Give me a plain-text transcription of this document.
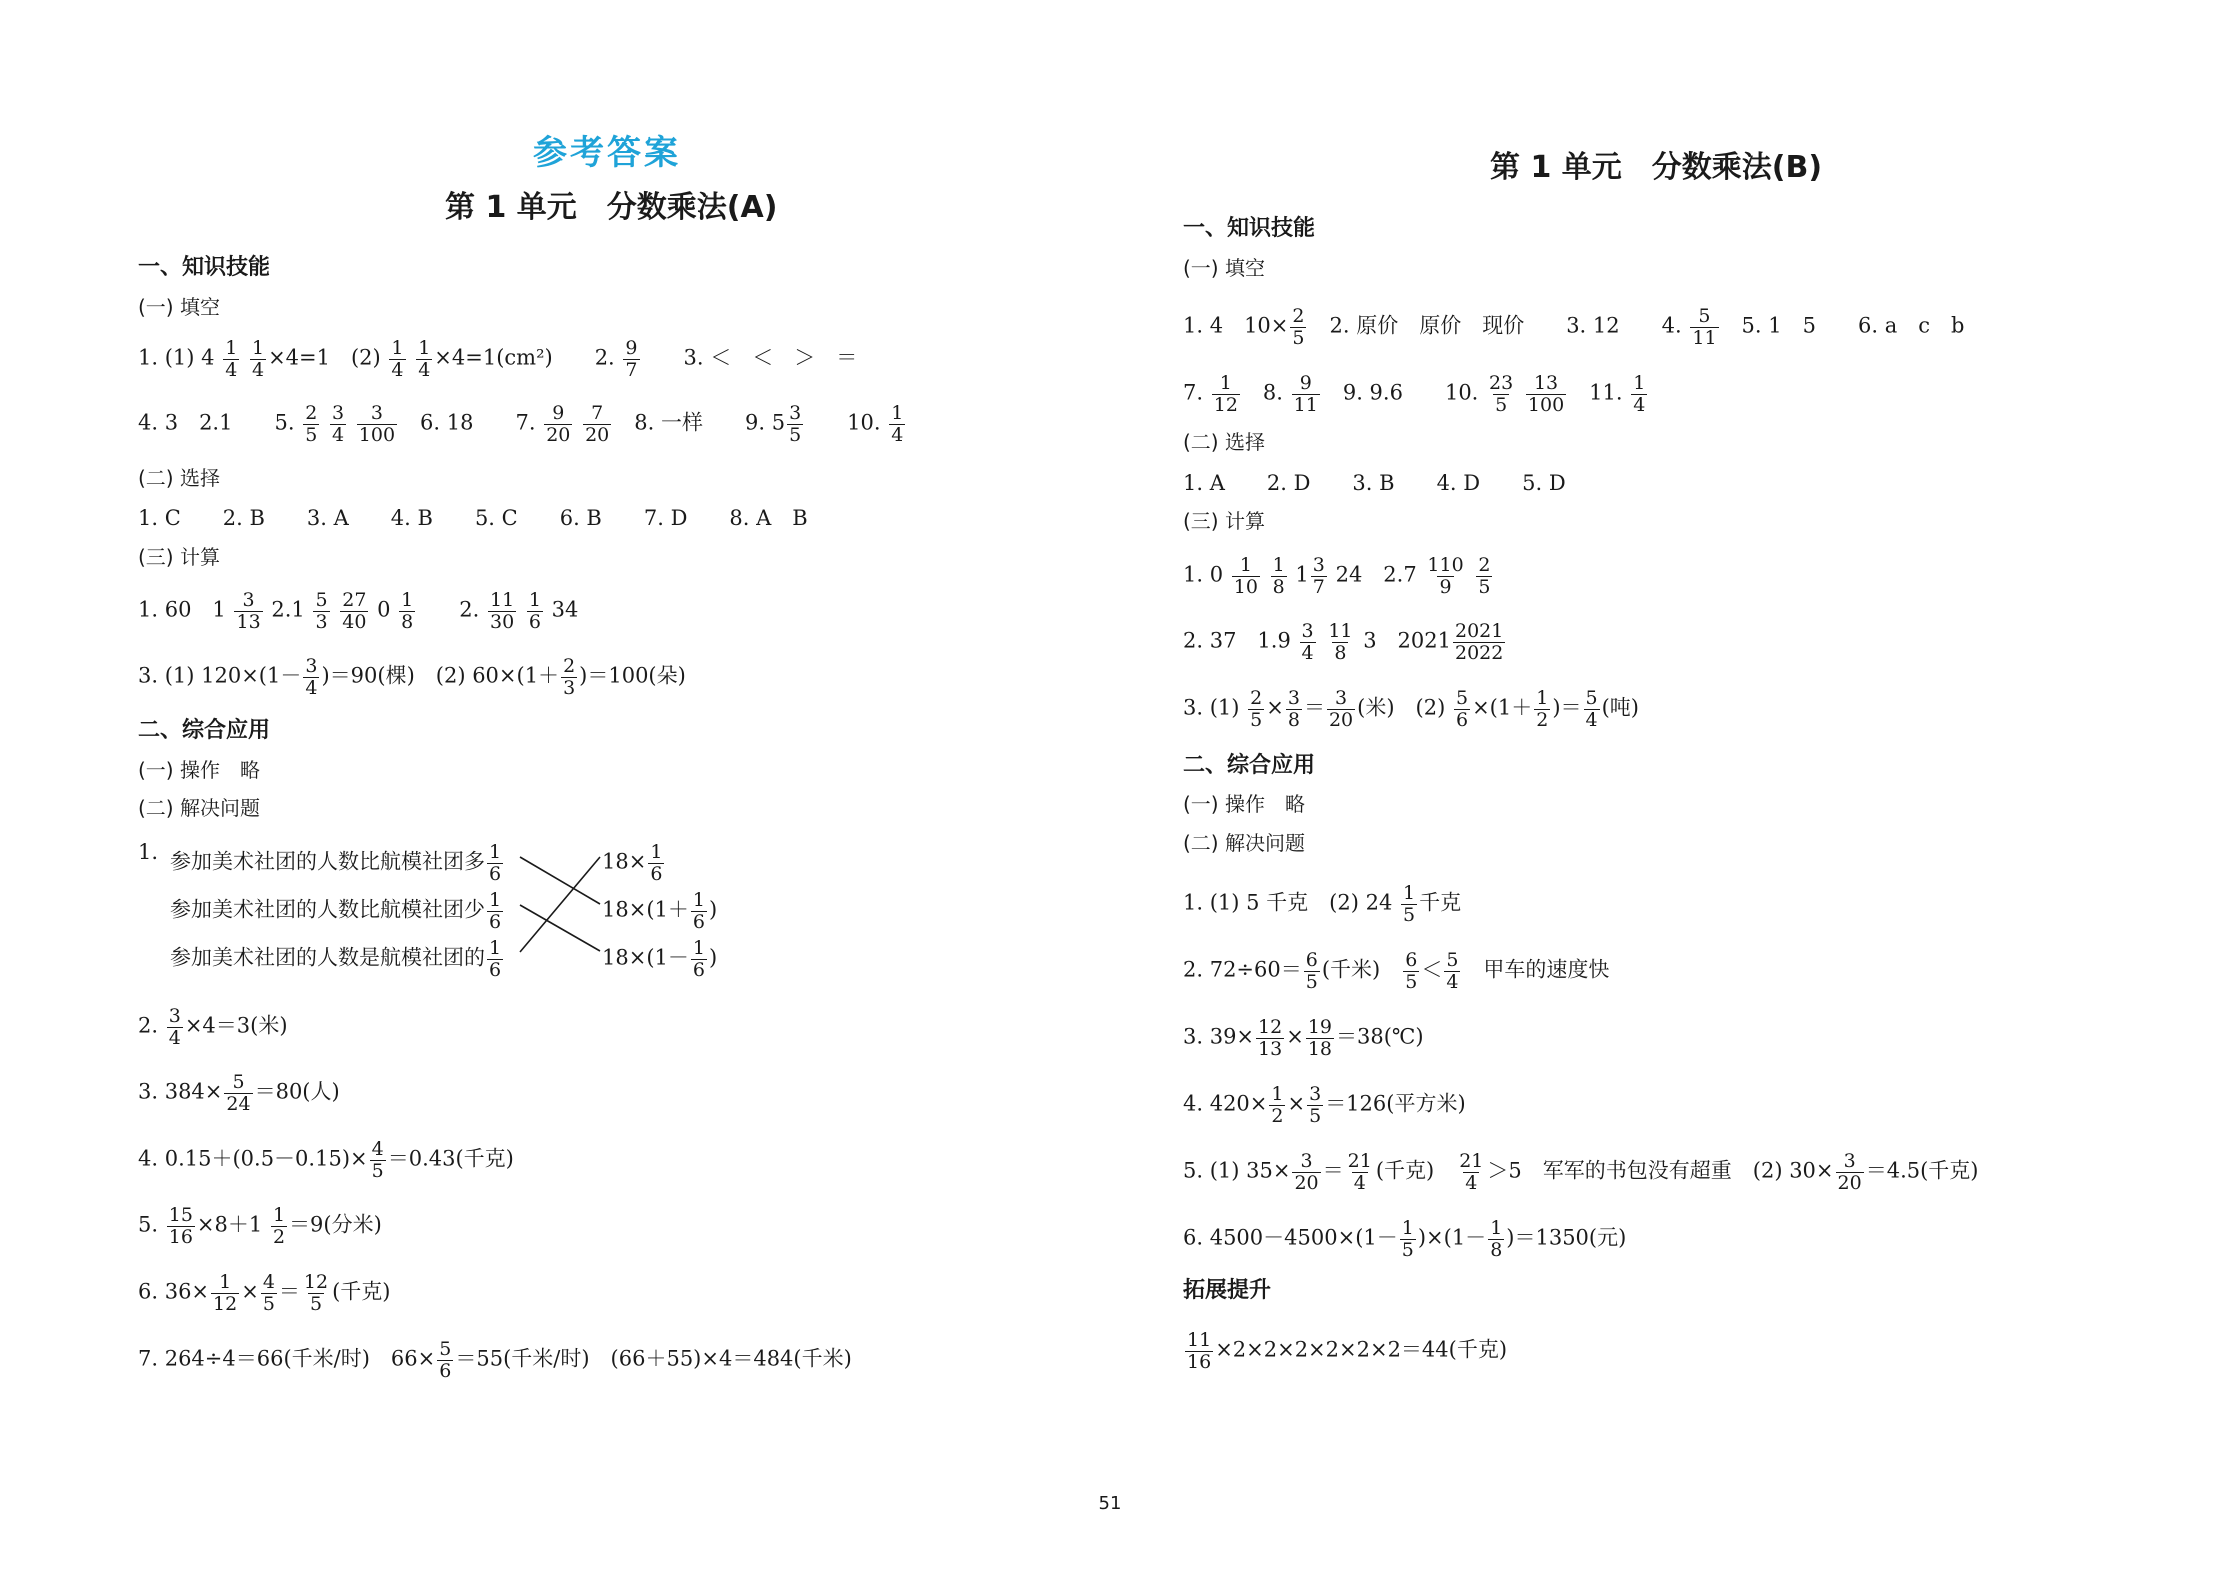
参考答案
第 1 单元　分数乘法(A)
一、知识技能
(一) 填空
1. (1) $4 \frac{1}{4}$
$\frac{1}{4} \times 4=1$　$(2) \frac{1}{4}$
$\frac{1}{4} \times 4=1(cm^2)$　　2. $\frac{9}{7}$ 　　3. ＜　＜　＞　＝
4. 3　2.1　　5. $\frac{2}{5}$
$\frac{3}{4}$
$\frac{3}{100}$ 　6. 18　　7. $\frac{9}{20}$
$\frac{7}{20}$ 　8. 一样　　9. $5 \frac{3}{5}$ 　　10. $\frac{1}{4}$
(二) 选择
1. C　　2. B　　3. A　　4. B　　5. C　　6. B　　7. D　　8. A　B
(三) 计算
1. 60　$1 \frac{3}{13} 2.1 \frac{5}{3}$
$\frac{27}{40} 0 \frac{1}{8}$ 　　2. $\frac{11}{30}$
$\frac{1}{6} 34$
3. (1) $120\times(1- \frac{3}{4} )=90$(棵)　(2) $60\times(1+ \frac{2}{3} )=100$(朵)
二、综合应用
(一) 操作　略
(二) 解决问题
1. 参加美术社团的人数比航模社团多 $\frac{1}{6}$
参加美术社团的人数比航模社团少 $\frac{1}{6}$
参加美术社团的人数是航模社团的 $\frac{1}{6}$
$18\times \frac{1}{6}$
$18\times(1+ \frac{1}{6}$ )
$18\times(1- \frac{1}{6}$ )
2. $\frac{3}{4} \times 4=3$(米)
3. $384\times \frac{5}{24} =80$(人)
4. $0.15+(0.5-0.15)\times \frac{4}{5} =0.43$(千克)
5. $\frac{15}{16} \times 8+1 \frac{1}{2} =9$(分米)
6. $36\times \frac{1}{12} \times \frac{4}{5} = \frac{12}{5}$ (千克)
7. 264÷4＝66(千米/时)　$66\times \frac{5}{6} =55$(千米/时)　(66＋55)×4＝484(千米)
第 1 单元　分数乘法(B)
一、知识技能
(一) 填空
1. 4　$10\times \frac{2}{5}$ 　2. 原价　原价　现价　　3. 12　　4. $\frac{5}{11}$ 　5. 1　5　　6. a　c　b
7. $\frac{1}{12}$ 　8. $\frac{9}{11}$ 　9. 9.6　　10. $\frac{23}{5}$
$\frac{13}{100}$ 　11. $\frac{1}{4}$
(二) 选择
1. A　　2. D　　3. B　　4. D　　5. D
(三) 计算
1. $0 \frac{1}{10}$
$\frac{1}{8} 1 \frac{3}{7} 24$　$2.7 \frac{110}{9}$
$\frac{2}{5}$
2. 37　$1.9 \frac{3}{4}$
$\frac{11}{8} 3$　$2021 \frac{2021}{2022}$
3. $(1) \frac{2}{5} \times \frac{3}{8} = \frac{3}{20}$ (米)　$(2) \frac{5}{6} \times(1+ \frac{1}{2}$ )＝ $\frac{5}{4}$ (吨)
二、综合应用
(一) 操作　略
(二) 解决问题
1. (1) 5 千克　(2) $24 \frac{1}{5}$ 千克
2. $72\div 60= \frac{6}{5}$ (千米)　 $\frac{6}{5} < \frac{5}{4}$ 　甲车的速度快
3. $39\times \frac{12}{13} \times \frac{19}{18}$ ＝38(℃)
4. $420\times \frac{1}{2} \times \frac{3}{5} =126$(平方米)
5. (1) $35\times \frac{3}{20} = \frac{21}{4}$ (千克)　 $\frac{21}{4} >5$　军军的书包没有超重　(2) $30\times \frac{3}{20} =4.5$(千克)
6. $4500-4500\times(1- \frac{1}{5} )\times(1- \frac{1}{8} )=1350$(元)
拓展提升
$\frac{11}{16} \times 2\times 2\times 2\times 2\times 2\times 2=44$(千克)
51
